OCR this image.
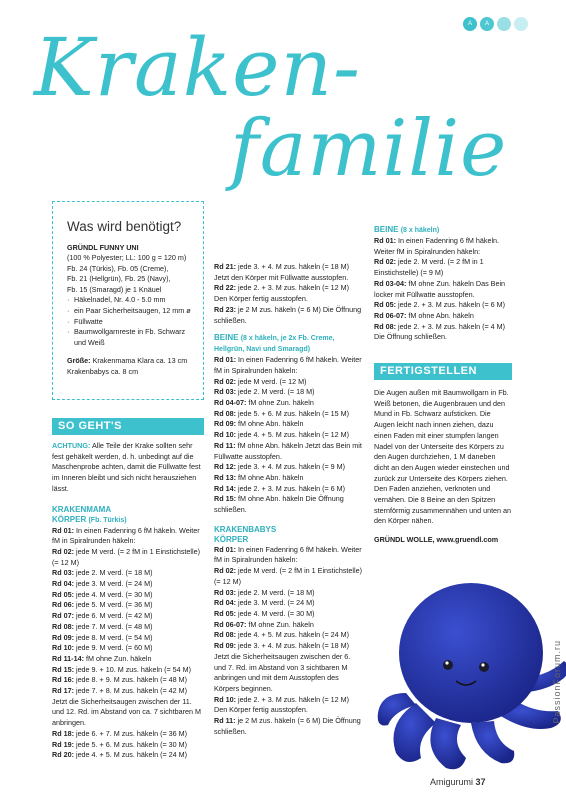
A	A
Kraken-
familie
Was wird benötigt?
GRÜNDL FUNNY UNI

(100 % Polyester; LL: 100 g = 120 m)

Fb. 24 (Türkis), Fb. 05 (Creme),

Fb. 21 (Hellgrün), Fb. 25 (Navy),

Fb. 15 (Smaragd) je 1 Knäuel

· Häkelnadel, Nr. 4.0 - 5.0 mm

· ein Paar Sicherheitsaugen, 12 mm ø

· Füllwatte

· Baumwollgarnreste in Fb. Schwarz und Weiß

Größe: Krakenmama Klara ca. 13 cm

Krakenbabys ca. 8 cm

SO GEHT'S

ACHTUNG: Alle Teile der Krake sollten sehr fest gehäkelt werden, d. h. unbedingt auf die Maschenprobe achten, damit die Füllwatte fest im Inneren bleibt und sich nicht herausziehen lässt.

KRAKENMAMA
KÖRPER (Fb. Türkis)

Rd 01: In einen Fadenring 6 fM häkeln. Weiter fM in Spiralrunden häkeln:

Rd 02: jede M verd. (= 2 fM in 1 Einstichstelle) (= 12 M)

Rd 03: jede 2. M verd. (= 18 M)

Rd 04: jede 3. M verd. (= 24 M)

Rd 05: jede 4. M verd. (= 30 M)

Rd 06: jede 5. M verd. (= 36 M)

Rd 07: jede 6. M verd. (= 42 M)

Rd 08: jede 7. M verd. (= 48 M)

Rd 09: jede 8. M verd. (= 54 M)

Rd 10: jede 9. M verd. (= 60 M)

Rd 11-14: fM ohne Zun. häkeln

Rd 15: jede 9. + 10. M zus. häkeln (= 54 M)

Rd 16: jede 8. + 9. M zus. häkeln (= 48 M)

Rd 17: jede 7. + 8. M zus. häkeln (= 42 M) Jetzt die Sicherheitsaugen zwischen der 11. und 12. Rd. im Abstand von ca. 7 sichtbaren M anbringen.

Rd 18: jede 6. + 7. M zus. häkeln (= 36 M)

Rd 19: jede 5. + 6. M zus. häkeln (= 30 M)

Rd 20: jede 4. + 5. M zus. häkeln (= 24 M)

Rd 21: jede 3. + 4. M zus. häkeln (= 18 M) Jetzt den Körper mit Füllwatte ausstopfen.

Rd 22: jede 2. + 3. M zus. häkeln (= 12 M) Den Körper fertig ausstopfen.

Rd 23: je 2 M zus. häkeln (= 6 M) Die Öffnung schließen.

BEINE (8 x häkeln, je 2x Fb. Creme, Hellgrün, Navi und Smaragd)

Rd 01: In einen Fadenring 6 fM häkeln. Weiter fM in Spiralrunden häkeln:

Rd 02: jede M verd. (= 12 M)

Rd 03: jede 2. M verd. (= 18 M)

Rd 04-07: fM ohne Zun. häkeln

Rd 08: jede 5. + 6. M zus. häkeln (= 15 M)

Rd 09: fM ohne Abn. häkeln

Rd 10: jede 4. + 5. M zus. häkeln (= 12 M)

Rd 11: fM ohne Abn. häkeln Jetzt das Bein mit Füllwatte ausstopfen.

Rd 12: jede 3. + 4. M zus. häkeln (= 9 M)

Rd 13: fM ohne Abn. häkeln

Rd 14: jede 2. + 3. M zus. häkeln (= 6 M)

Rd 15: fM ohne Abn. häkeln Die Öffnung schließen.

KRAKENBABYS
KÖRPER

Rd 01: In einen Fadenring 6 fM häkeln. Weiter fM in Spiralrunden häkeln:

Rd 02: jede M verd. (= 2 fM in 1 Einstichstelle) (= 12 M)

Rd 03: jede 2. M verd. (= 18 M)

Rd 04: jede 3. M verd. (= 24 M)

Rd 05: jede 4. M verd. (= 30 M)

Rd 06-07: fM ohne Zun. häkeln

Rd 08: jede 4. + 5. M zus. häkeln (= 24 M)

Rd 09: jede 3. + 4. M zus. häkeln (= 18 M) Jetzt die Sicherheitsaugen zwischen der 6. und 7. Rd. im Abstand von 3 sichtbaren M anbringen und mit dem Ausstopfen des Körpers beginnen.

Rd 10: jede 2. + 3. M zus. häkeln (= 12 M) Den Körper fertig ausstopfen.

Rd 11: je 2 M zus. häkeln (= 6 M) Die Öffnung schließen.

BEINE (8 x häkeln)

Rd 01: In einen Fadenring 6 fM häkeln. Weiter fM in Spiralrunden häkeln:

Rd 02: jede 2. M verd. (= 2 fM in 1 Einstichstelle) (= 9 M)

Rd 03-04: fM ohne Zun. häkeln Das Bein locker mit Füllwatte ausstopfen.

Rd 05: jede 2. + 3. M zus. häkeln (= 6 M)

Rd 06-07: fM ohne Abn. häkeln

Rd 08: jede 2. + 3. M zus. häkeln (= 4 M) Die Öffnung schließen.

FERTIGSTELLEN

Die Augen außen mit Baumwollgarn in Fb. Weiß betonen, die Augenbrauen und den Mund in Fb. Schwarz aufsticken. Die Augen leicht nach innen ziehen, dazu einen Faden mit einer stumpfen langen Nadel von der Unterseite des Körpers zu den Augen durchziehen, 1 M daneben dicht an den Augen wieder einstechen und zurück zur Unterseite des Körpers ziehen. Den Faden anziehen, verknoten und vernähen. Die 8 Beine an den Spitzen sternförmig zusammennähen und unten an den Körper nähen.

GRÜNDL WOLLE, www.gruendl.com

Amigurumi 37
PassionForum.ru
